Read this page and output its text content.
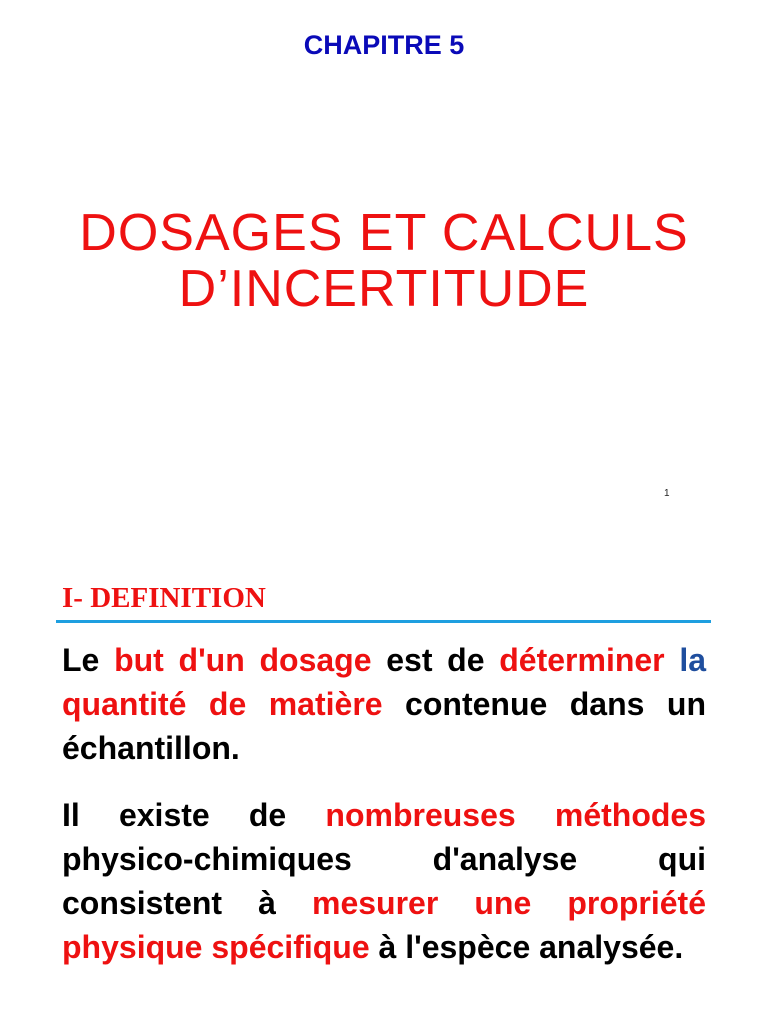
CHAPITRE 5
DOSAGES ET CALCULS
D’INCERTITUDE
1
I- DEFINITION
Le but d'un dosage est de déterminer la quantité de matière contenue dans un échantillon.
Il existe de nombreuses méthodes physico-chimiques d'analyse qui consistent à mesurer une propriété physique spécifique à l'espèce analysée.
